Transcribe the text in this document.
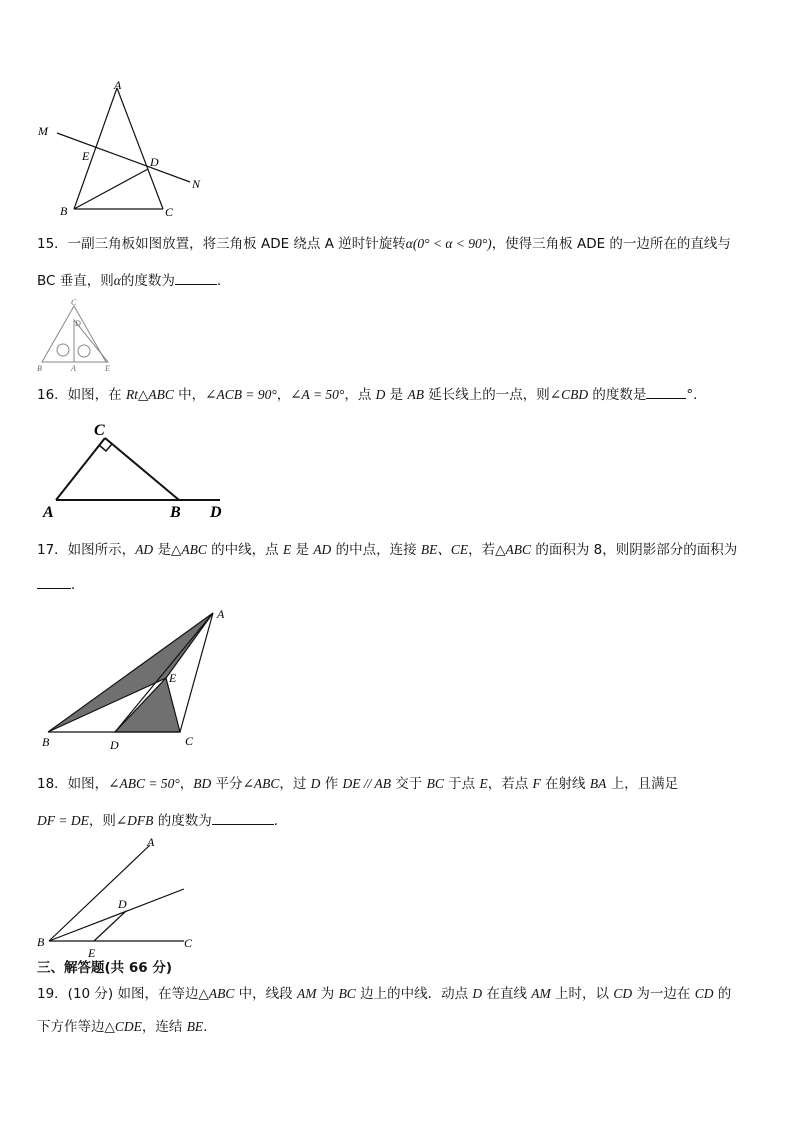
A
M
E	D
N
B	C
15．一副三角板如图放置，将三角板 ADE 绕点 A 逆时针旋转α(0° < α < 90°)，使得三角板 ADE 的一边所在的直线与
BC 垂直，则α的度数为	.
C
D
B	A	E
16．如图，在 Rt△ABC 中，∠ACB = 90°，∠A = 50°，点 D 是 AB 延长线上的一点，则∠CBD 的度数是	°．
C
A	B D
17．如图所示，AD 是△ABC 的中线，点 E 是 AD 的中点，连接 BE、CE，若△ABC 的面积为 8，则阴影部分的面积为
．
A
E
B	D	C
18．如图，∠ABC = 50°，BD 平分∠ABC，过 D 作 DE // AB 交于 BC 于点 E，若点 F 在射线 BA 上，且满足
DF = DE，则∠DFB 的度数为	．
A
D
B
E
C
三、解答题(共 66 分)
19．(10 分) 如图，在等边△ABC 中，线段 AM 为 BC 边上的中线．动点 D 在直线 AM 上时，以 CD 为一边在 CD 的
下方作等边△CDE，连结 BE．
